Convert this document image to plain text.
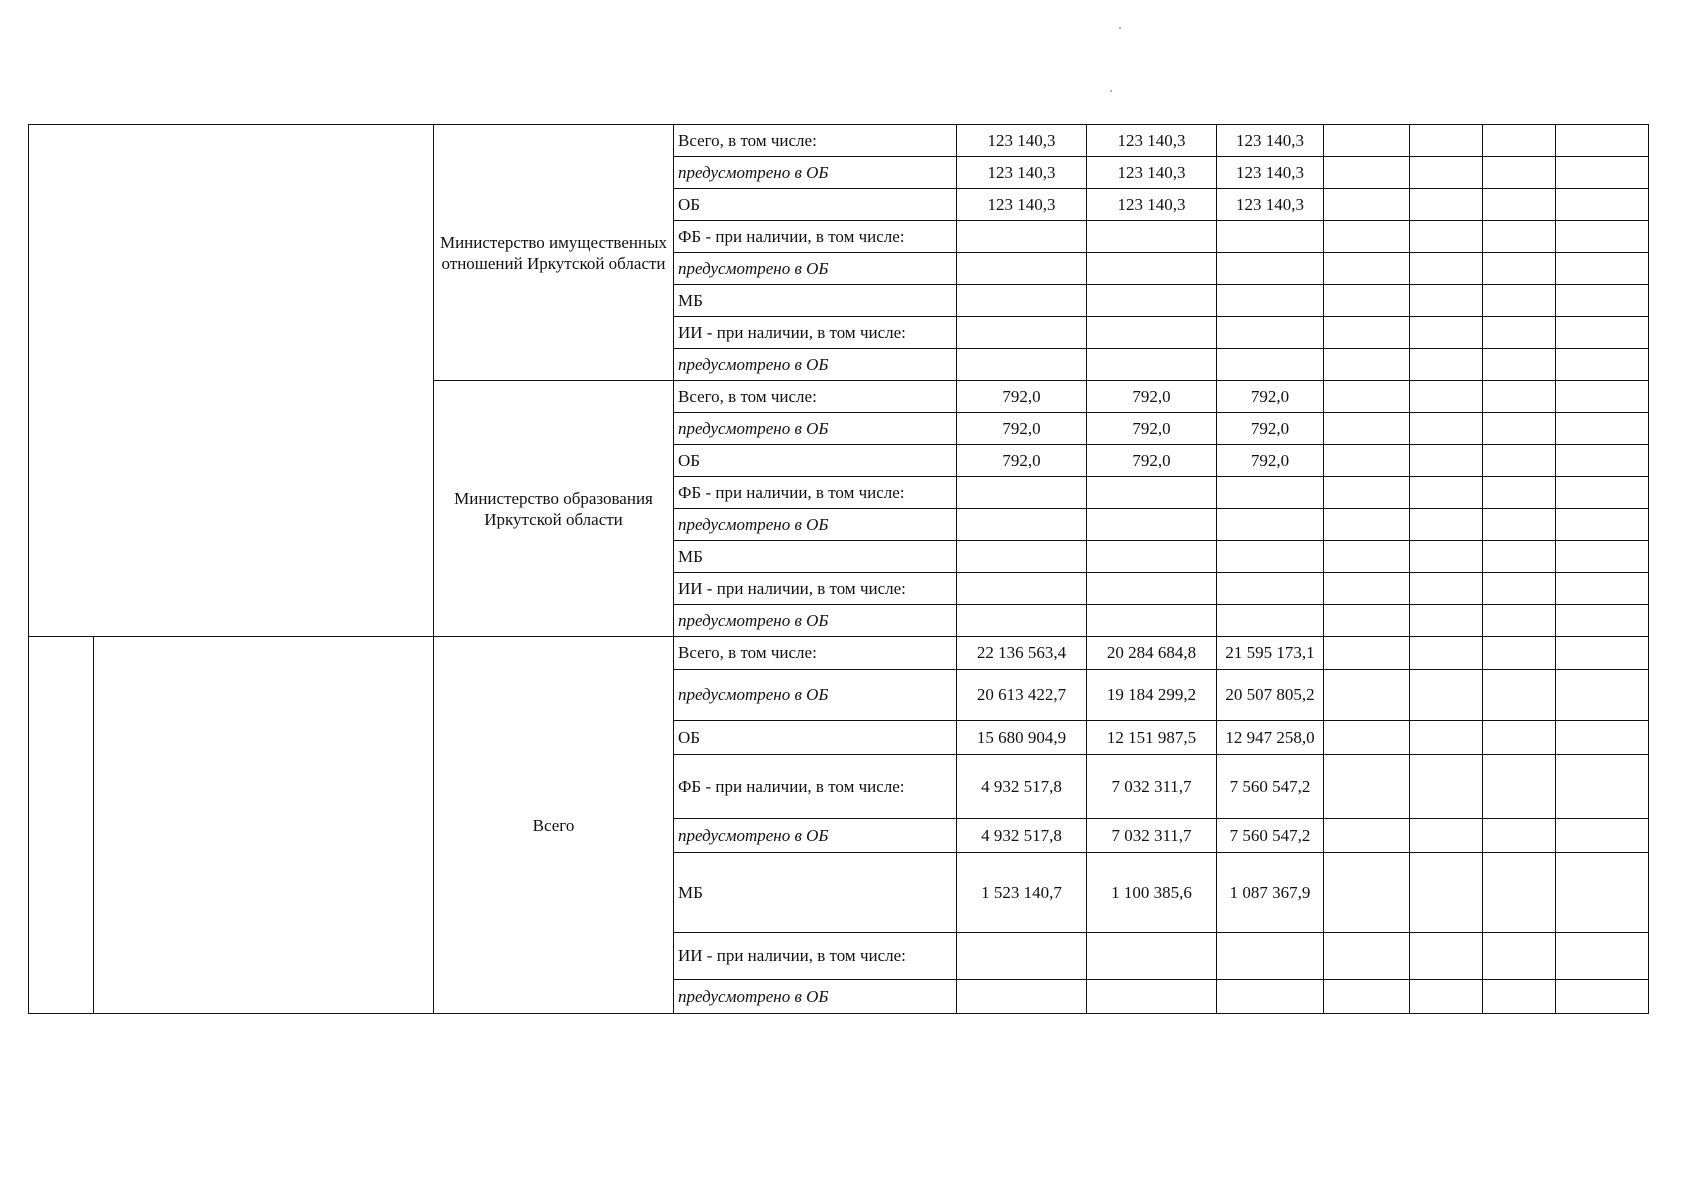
		Министерство имущественных отношений Иркутской области	Всего, в том числе:	123 140,3	123 140,3	123 140,3				
			предусмотрено в ОБ	123 140,3	123 140,3	123 140,3				
			ОБ	123 140,3	123 140,3	123 140,3				
			ФБ - при наличии, в том числе:							
			предусмотрено в ОБ							
			МБ							
			ИИ - при наличии, в том числе:							
			предусмотрено в ОБ							
		Министерство образования Иркутской области	Всего, в том числе:	792,0	792,0	792,0				
			предусмотрено в ОБ	792,0	792,0	792,0				
			ОБ	792,0	792,0	792,0				
			ФБ - при наличии, в том числе:							
			предусмотрено в ОБ							
			МБ							
			ИИ - при наличии, в том числе:							
			предусмотрено в ОБ							
		Всего	Всего, в том числе:	22 136 563,4	20 284 684,8	21 595 173,1				
			предусмотрено в ОБ	20 613 422,7	19 184 299,2	20 507 805,2				
			ОБ	15 680 904,9	12 151 987,5	12 947 258,0				
			ФБ - при наличии, в том числе:	4 932 517,8	7 032 311,7	7 560 547,2				
			предусмотрено в ОБ	4 932 517,8	7 032 311,7	7 560 547,2				
			МБ	1 523 140,7	1 100 385,6	1 087 367,9				
			ИИ - при наличии, в том числе:							
			предусмотрено в ОБ							
